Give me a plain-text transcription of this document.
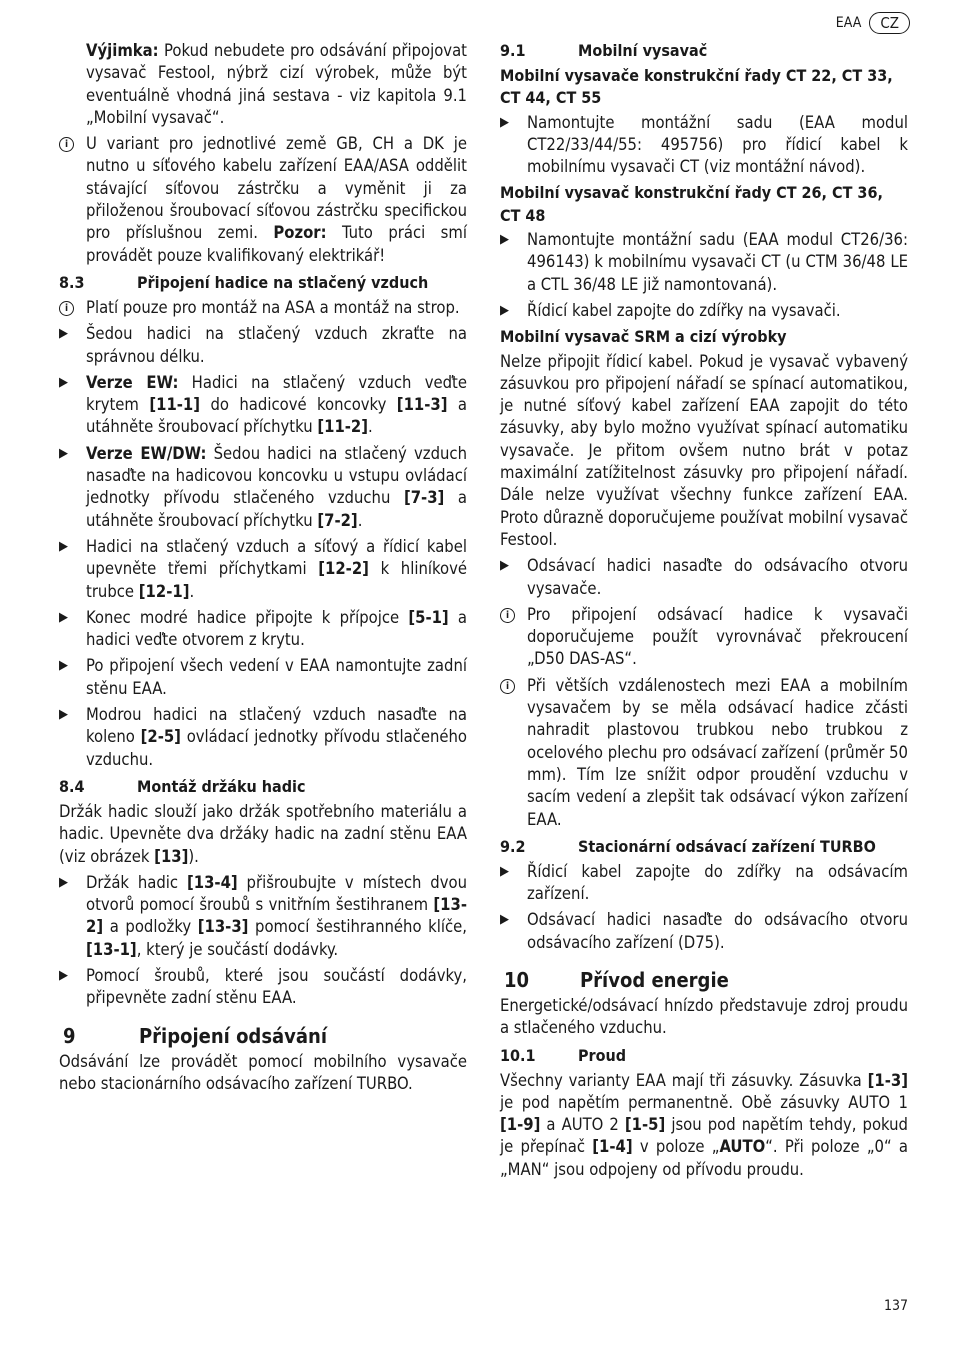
EAA	CZ

Výjimka: Pokud nebudete pro odsávání připojovat vysavač Festool, nýbrž cizí výrobek, může být eventuálně vhodná jiná sestava - viz kapitola 9.1 „Mobilní vysavač“.

i	U variant pro jednotlivé země GB, CH a DK je nutno u síťového kabelu zařízení EAA/ASA oddělit stávající síťovou zástrčku a vyměnit ji za přiloženou šroubovací síťovou zástrčku specifickou pro příslušnou zemi. Pozor: Tuto práci smí provádět pouze kvalifikovaný elektrikář!
8.3	Připojení hadice na stlačený vzduch
i	Platí pouze pro montáž na ASA a montáž na strop.
▶ Šedou hadici na stlačený vzduch zkraťte na správnou délku.
▶ Verze EW: Hadici na stlačený vzduch veďte krytem [11-1] do hadicové koncovky [11-3] a utáhněte šroubovací příchytku [11-2].
▶ Verze EW/DW: Šedou hadici na stlačený vzduch nasaďte na hadicovou koncovku u vstupu ovládací jednotky přívodu stlačeného vzduchu [7-3] a utáhněte šroubovací příchytku [7-2].
▶ Hadici na stlačený vzduch a síťový a řídicí kabel upevněte třemi příchytkami [12-2] k hliníkové trubce [12-1].
▶ Konec modré hadice připojte k přípojce [5-1] a hadici veďte otvorem z krytu.
▶ Po připojení všech vedení v EAA namontujte zadní stěnu EAA.
▶ Modrou hadici na stlačený vzduch nasaďte na koleno [2-5] ovládací jednotky přívodu stlačeného vzduchu.
8.4	Montáž držáku hadic

Držák hadic slouží jako držák spotřebního materiálu a hadic. Upevněte dva držáky hadic na zadní stěnu EAA (viz obrázek [13]).

▶ Držák hadic [13-4] přišroubujte v místech dvou otvorů pomocí šroubů s vnitřním šestihranem [13-2] a podložky [13-3] pomocí šestihranného klíče, [13-1], který je součástí dodávky.
▶ Pomocí šroubů, které jsou součástí dodávky, připevněte zadní stěnu EAA.
9	Připojení odsávání

Odsávání lze provádět pomocí mobilního vysavače nebo stacionárního odsávacího zařízení TURBO.

9.1	Mobilní vysavač

Mobilní vysavače konstrukční řady CT 22, CT 33, CT 44, CT 55

▶ Namontujte montážní sadu (EAA modul CT22/33/44/55: 495756) pro řídicí kabel k mobilnímu vysavači CT (viz montážní návod).

Mobilní vysavač konstrukční řady CT 26, CT 36, CT 48

▶ Namontujte montážní sadu (EAA modul CT26/36: 496143) k mobilnímu vysavači CT (u CTM 36/48 LE a CTL 36/48 LE již namontovaná).
▶ Řídicí kabel zapojte do zdířky na vysavači.

Mobilní vysavač SRM a cizí výrobky

Nelze připojit řídicí kabel. Pokud je vysavač vybavený zásuvkou pro připojení nářadí se spínací automatikou, je nutné síťový kabel zařízení EAA zapojit do této zásuvky, aby bylo možno využívat spínací automatiku vysavače. Je přitom ovšem nutno brát v potaz maximální zatížitelnost zásuvky pro připojení nářadí. Dále nelze využívat všechny funkce zařízení EAA. Proto důrazně doporučujeme používat mobilní vysavač Festool.

▶ Odsávací hadici nasaďte do odsávacího otvoru vysavače.
i	Pro připojení odsávací hadice k vysavači doporučujeme použít vyrovnávač překroucení „D50 DAS-AS“.
i	Při větších vzdálenostech mezi EAA a mobilním vysavačem by se měla odsávací hadice zčásti nahradit plastovou trubkou nebo trubkou z ocelového plechu pro odsávací zařízení (průměr 50 mm). Tím lze snížit odpor proudění vzduchu v sacím vedení a zlepšit tak odsávací výkon zařízení EAA.
9.2	Stacionární odsávací zařízení TURBO
▶ Řídicí kabel zapojte do zdířky na odsávacím zařízení.
▶ Odsávací hadici nasaďte do odsávacího otvoru odsávacího zařízení (D75).
10	Přívod energie

Energetické/odsávací hnízdo představuje zdroj proudu a stlačeného vzduchu.

10.1	Proud

Všechny varianty EAA mají tři zásuvky. Zásuvka [1-3] je pod napětím permanentně. Obě zásuvky AUTO 1 [1-9] a AUTO 2 [1-5] jsou pod napětím tehdy, pokud je přepínač [1-4] v poloze „AUTO“. Při poloze „0“ a „MAN“ jsou odpojeny od přívodu proudu.

137
